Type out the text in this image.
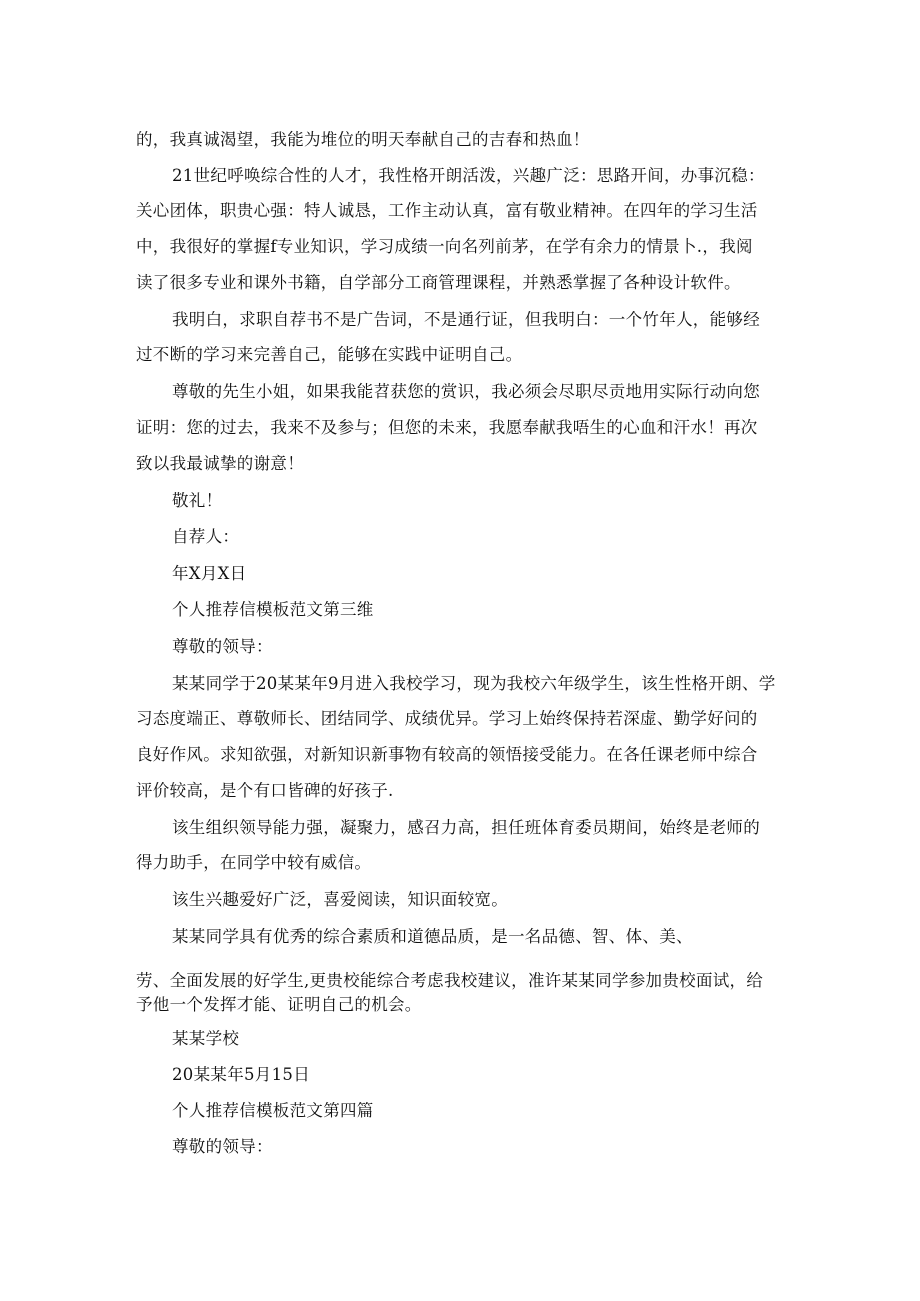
的，我真诚渴望，我能为堆位的明天奉献自己的吉春和热血！
21世纪呼唤综合性的人才，我性格开朗活泼，兴趣广泛：思路开间，办事沉稳：
关心团体，职贵心强：特人诚恳，工作主动认真，富有敬业精神。在四年的学习生活
中，我很好的掌握f专业知识，学习成绩一向名列前茅，在学有余力的情景卜.，我阅
读了很多专业和课外书籍，自学部分工商管理课程，并熟悉掌握了各种设计软件。
我明白，求职自荐书不是广告词，不是通行证，但我明白：一个竹年人，能够经
过不断的学习来完善自己，能够在实践中证明自己。
尊敬的先生小姐，如果我能苕获您的赏识，我必须会尽职尽贡地用实际行动向您
证明：您的过去，我来不及参与；但您的未来，我愿奉献我唔生的心血和汗水！再次
致以我最诚挚的谢意！
敬礼！
自荐人：
年X月X日
个人推荐信模板范文第三维
尊敬的领导：
某某同学于20某某年9月进入我校学习，现为我校六年级学生，该生性格开朗、学
习态度端正、尊敬师长、团结同学、成绩优异。学习上始终保持若深虚、勤学好问的
良好作风。求知欲强，对新知识新事物有较高的领悟接受能力。在各任课老师中综合
评价较高，是个有口皆碑的好孩子.
该生组织领导能力强，凝聚力，感召力高，担任班体育委员期间，始终是老师的
得力助手，在同学中较有威信。
该生兴趣爱好广泛，喜爱阅读，知识面较宽。
某某同学具有优秀的综合素质和道德品质，是一名品德、智、体、美、
劳、全面发展的好学生,更贵校能综合考虑我校建议，准许某某同学参加贵校面试，给
予他一个发挥才能、证明自己的机会。
某某学校
20某某年5月15日
个人推荐信模板范文第四篇
尊敬的领导：
